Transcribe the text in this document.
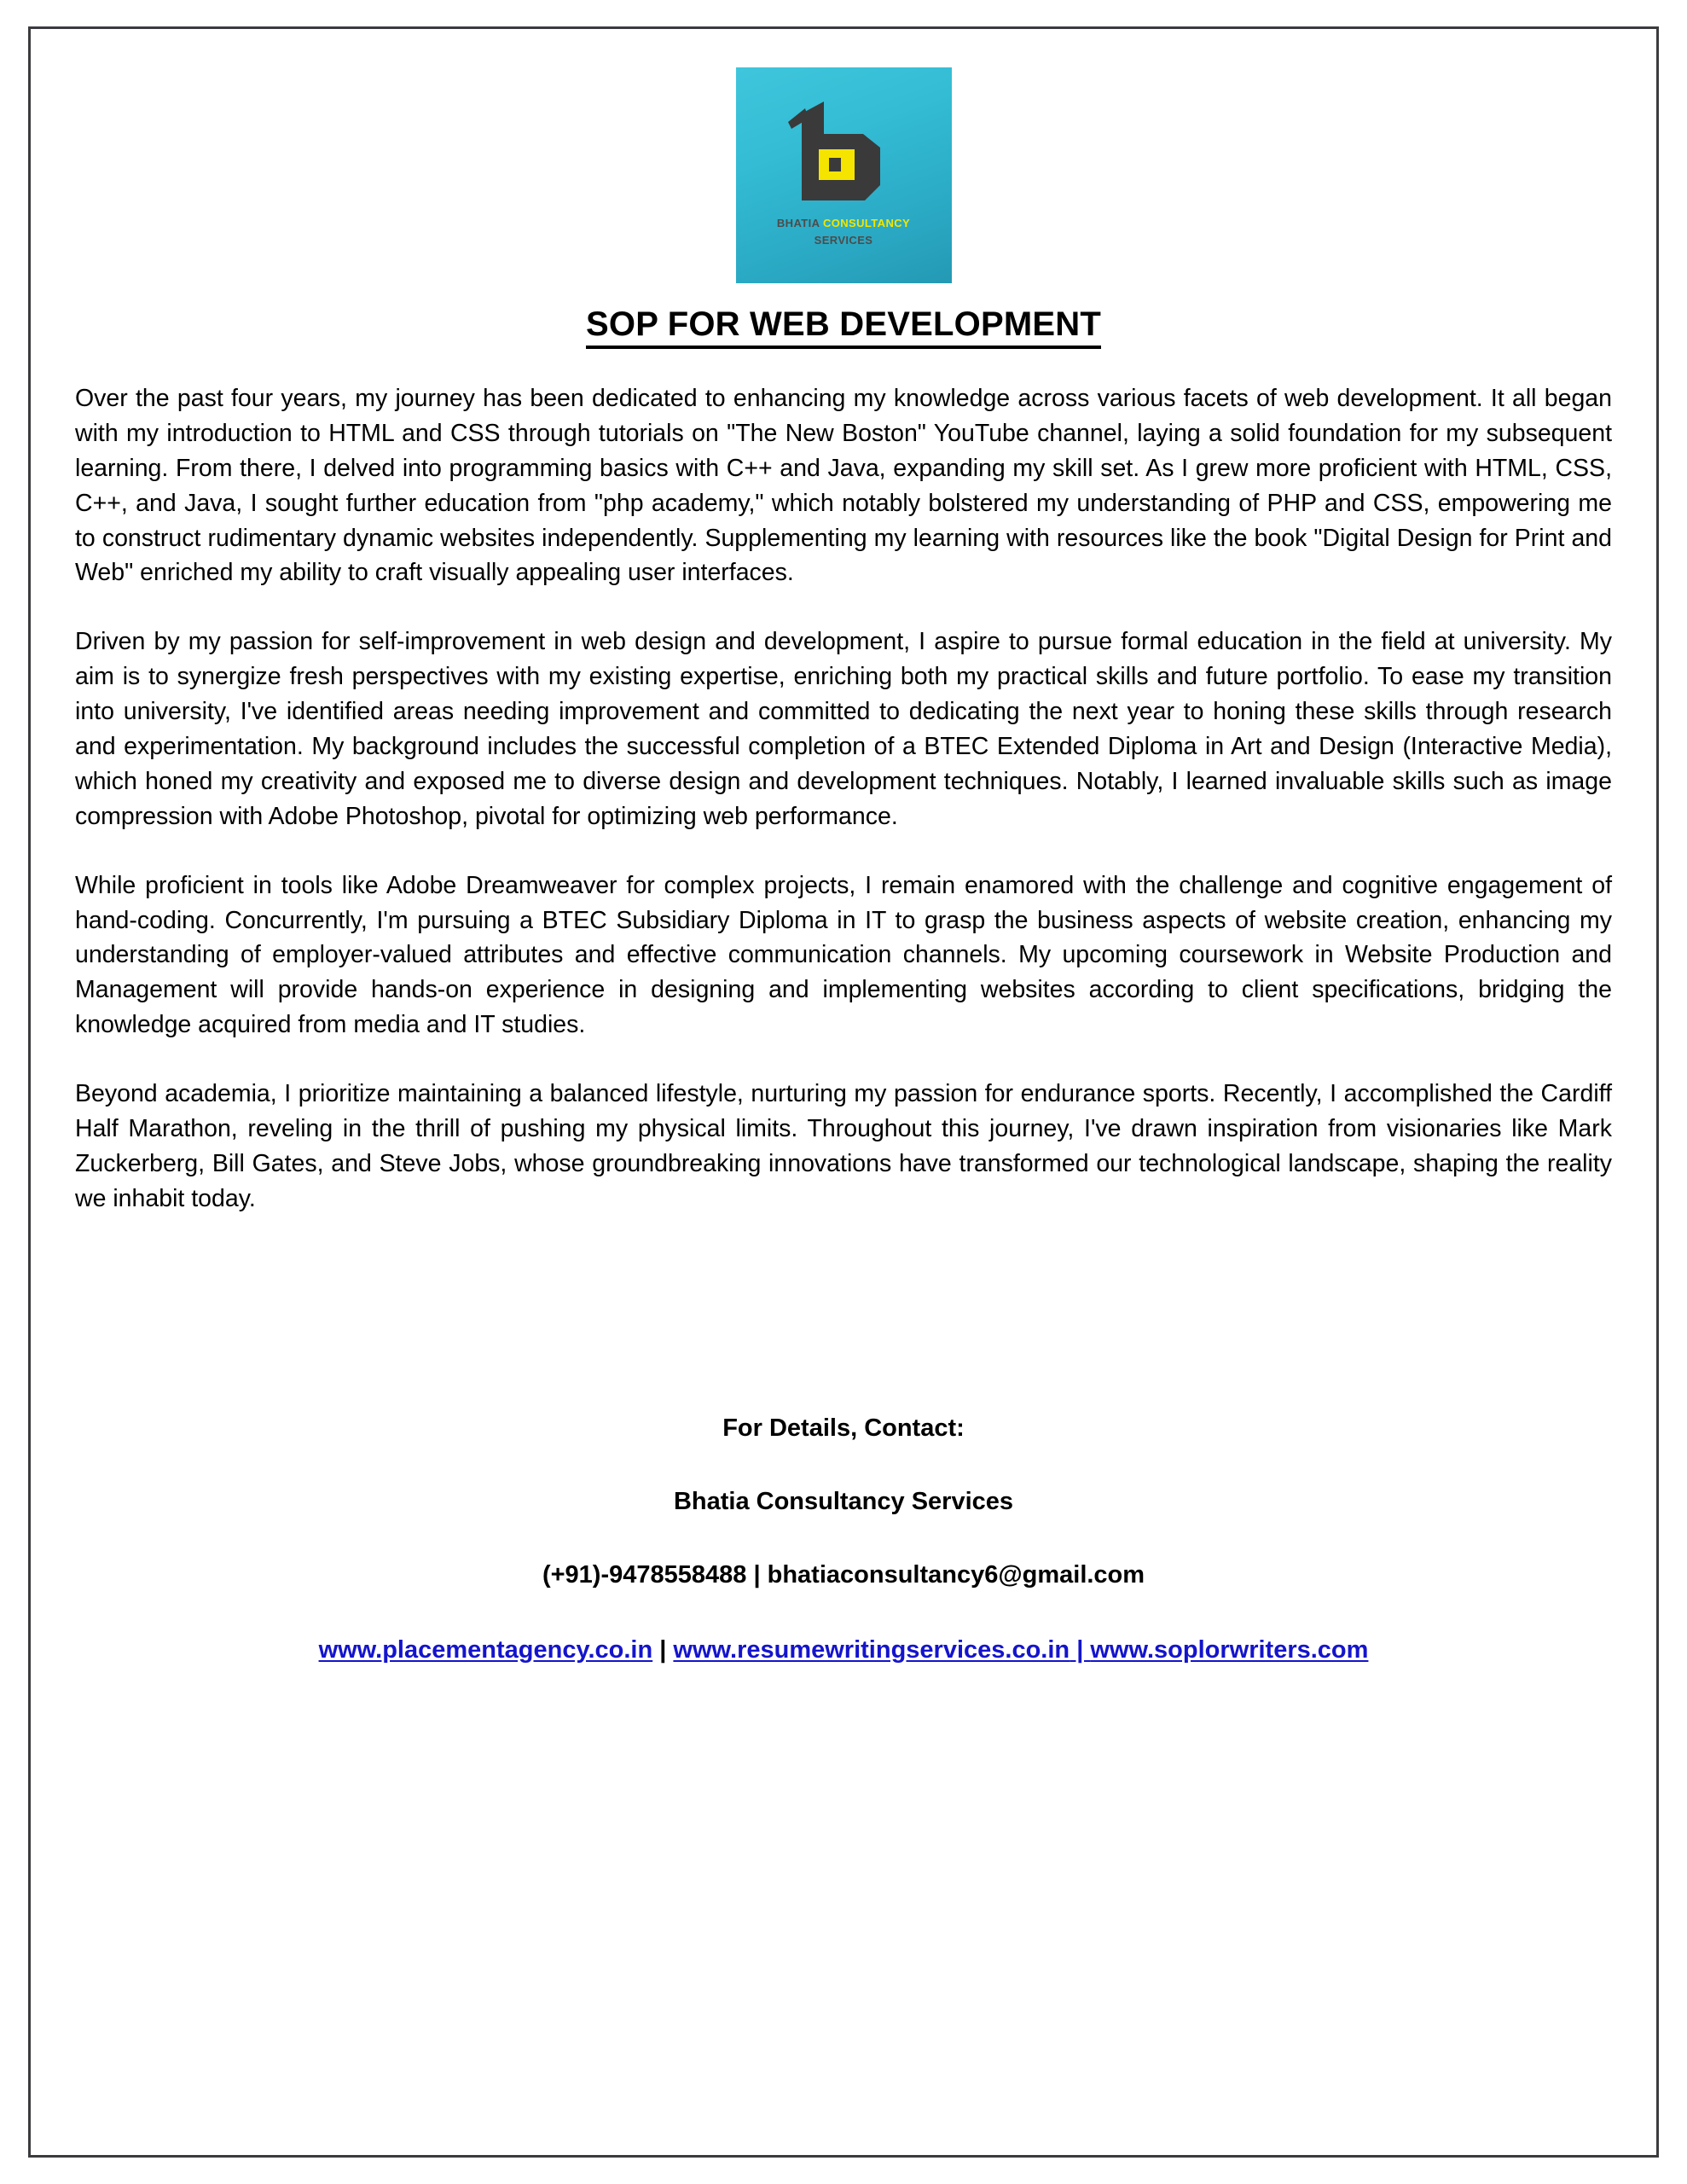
BHATIA CONSULTANCY
SERVICES
SOP FOR WEB DEVELOPMENT

Over the past four years, my journey has been dedicated to enhancing my knowledge across various facets of web development. It all began with my introduction to HTML and CSS through tutorials on "The New Boston" YouTube channel, laying a solid foundation for my subsequent learning. From there, I delved into programming basics with C++ and Java, expanding my skill set. As I grew more proficient with HTML, CSS, C++, and Java, I sought further education from "php academy," which notably bolstered my understanding of PHP and CSS, empowering me to construct rudimentary dynamic websites independently. Supplementing my learning with resources like the book "Digital Design for Print and Web" enriched my ability to craft visually appealing user interfaces.

Driven by my passion for self-improvement in web design and development, I aspire to pursue formal education in the field at university. My aim is to synergize fresh perspectives with my existing expertise, enriching both my practical skills and future portfolio. To ease my transition into university, I've identified areas needing improvement and committed to dedicating the next year to honing these skills through research and experimentation. My background includes the successful completion of a BTEC Extended Diploma in Art and Design (Interactive Media), which honed my creativity and exposed me to diverse design and development techniques. Notably, I learned invaluable skills such as image compression with Adobe Photoshop, pivotal for optimizing web performance.

While proficient in tools like Adobe Dreamweaver for complex projects, I remain enamored with the challenge and cognitive engagement of hand-coding. Concurrently, I'm pursuing a BTEC Subsidiary Diploma in IT to grasp the business aspects of website creation, enhancing my understanding of employer-valued attributes and effective communication channels. My upcoming coursework in Website Production and Management will provide hands-on experience in designing and implementing websites according to client specifications, bridging the knowledge acquired from media and IT studies.

Beyond academia, I prioritize maintaining a balanced lifestyle, nurturing my passion for endurance sports. Recently, I accomplished the Cardiff Half Marathon, reveling in the thrill of pushing my physical limits. Throughout this journey, I've drawn inspiration from visionaries like Mark Zuckerberg, Bill Gates, and Steve Jobs, whose groundbreaking innovations have transformed our technological landscape, shaping the reality we inhabit today.

For Details, Contact:
Bhatia Consultancy Services
(+91)-9478558488 | bhatiaconsultancy6@gmail.com
www.placementagency.co.in | www.resumewritingservices.co.in | www.soplorwriters.com
